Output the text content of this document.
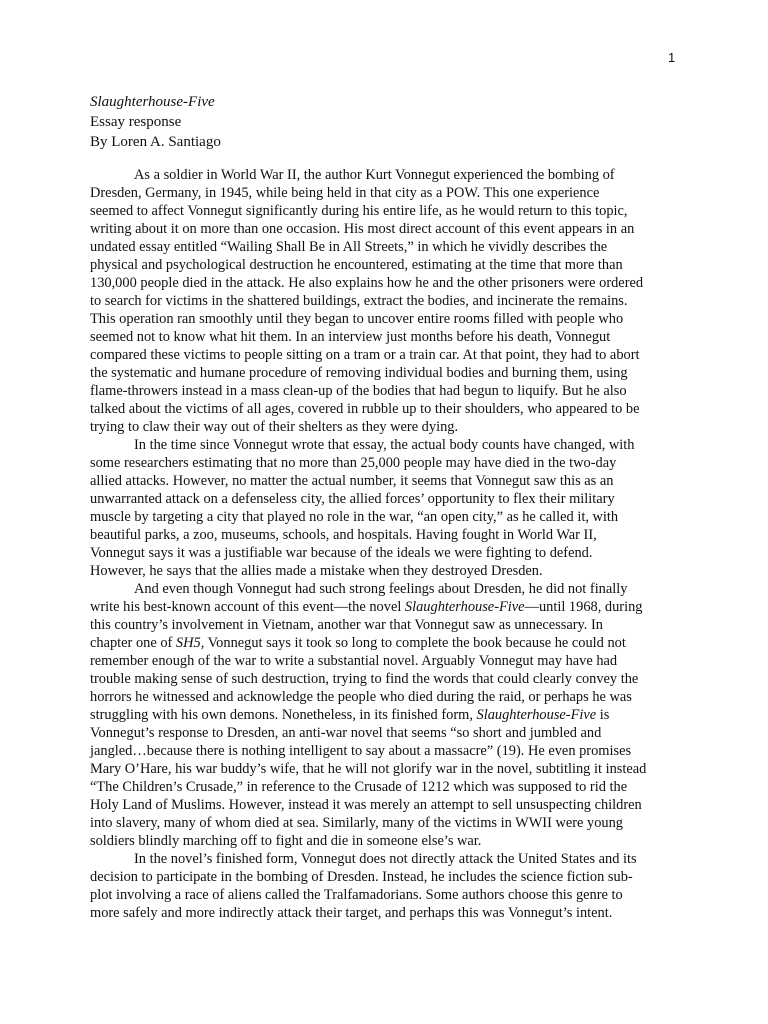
1
Slaughterhouse-Five
Essay response
By Loren A. Santiago
As a soldier in World War II, the author Kurt Vonnegut experienced the bombing of
Dresden, Germany, in 1945, while being held in that city as a POW. This one experience
seemed to affect Vonnegut significantly during his entire life, as he would return to this topic,
writing about it on more than one occasion. His most direct account of this event appears in an
undated essay entitled “Wailing Shall Be in All Streets,” in which he vividly describes the
physical and psychological destruction he encountered, estimating at the time that more than
130,000 people died in the attack. He also explains how he and the other prisoners were ordered
to search for victims in the shattered buildings, extract the bodies, and incinerate the remains.
This operation ran smoothly until they began to uncover entire rooms filled with people who
seemed not to know what hit them. In an interview just months before his death, Vonnegut
compared these victims to people sitting on a tram or a train car. At that point, they had to abort
the systematic and humane procedure of removing individual bodies and burning them, using
flame-throwers instead in a mass clean-up of the bodies that had begun to liquify. But he also
talked about the victims of all ages, covered in rubble up to their shoulders, who appeared to be
trying to claw their way out of their shelters as they were dying.
In the time since Vonnegut wrote that essay, the actual body counts have changed, with
some researchers estimating that no more than 25,000 people may have died in the two-day
allied attacks. However, no matter the actual number, it seems that Vonnegut saw this as an
unwarranted attack on a defenseless city, the allied forces’ opportunity to flex their military
muscle by targeting a city that played no role in the war, “an open city,” as he called it, with
beautiful parks, a zoo, museums, schools, and hospitals. Having fought in World War II,
Vonnegut says it was a justifiable war because of the ideals we were fighting to defend.
However, he says that the allies made a mistake when they destroyed Dresden.
And even though Vonnegut had such strong feelings about Dresden, he did not finally
write his best-known account of this event—the novel Slaughterhouse-Five—until 1968, during
this country’s involvement in Vietnam, another war that Vonnegut saw as unnecessary. In
chapter one of SH5, Vonnegut says it took so long to complete the book because he could not
remember enough of the war to write a substantial novel. Arguably Vonnegut may have had
trouble making sense of such destruction, trying to find the words that could clearly convey the
horrors he witnessed and acknowledge the people who died during the raid, or perhaps he was
struggling with his own demons. Nonetheless, in its finished form, Slaughterhouse-Five is
Vonnegut’s response to Dresden, an anti-war novel that seems “so short and jumbled and
jangled…because there is nothing intelligent to say about a massacre” (19). He even promises
Mary O’Hare, his war buddy’s wife, that he will not glorify war in the novel, subtitling it instead
“The Children’s Crusade,” in reference to the Crusade of 1212 which was supposed to rid the
Holy Land of Muslims. However, instead it was merely an attempt to sell unsuspecting children
into slavery, many of whom died at sea. Similarly, many of the victims in WWII were young
soldiers blindly marching off to fight and die in someone else’s war.
In the novel’s finished form, Vonnegut does not directly attack the United States and its
decision to participate in the bombing of Dresden. Instead, he includes the science fiction sub-
plot involving a race of aliens called the Tralfamadorians. Some authors choose this genre to
more safely and more indirectly attack their target, and perhaps this was Vonnegut’s intent.
